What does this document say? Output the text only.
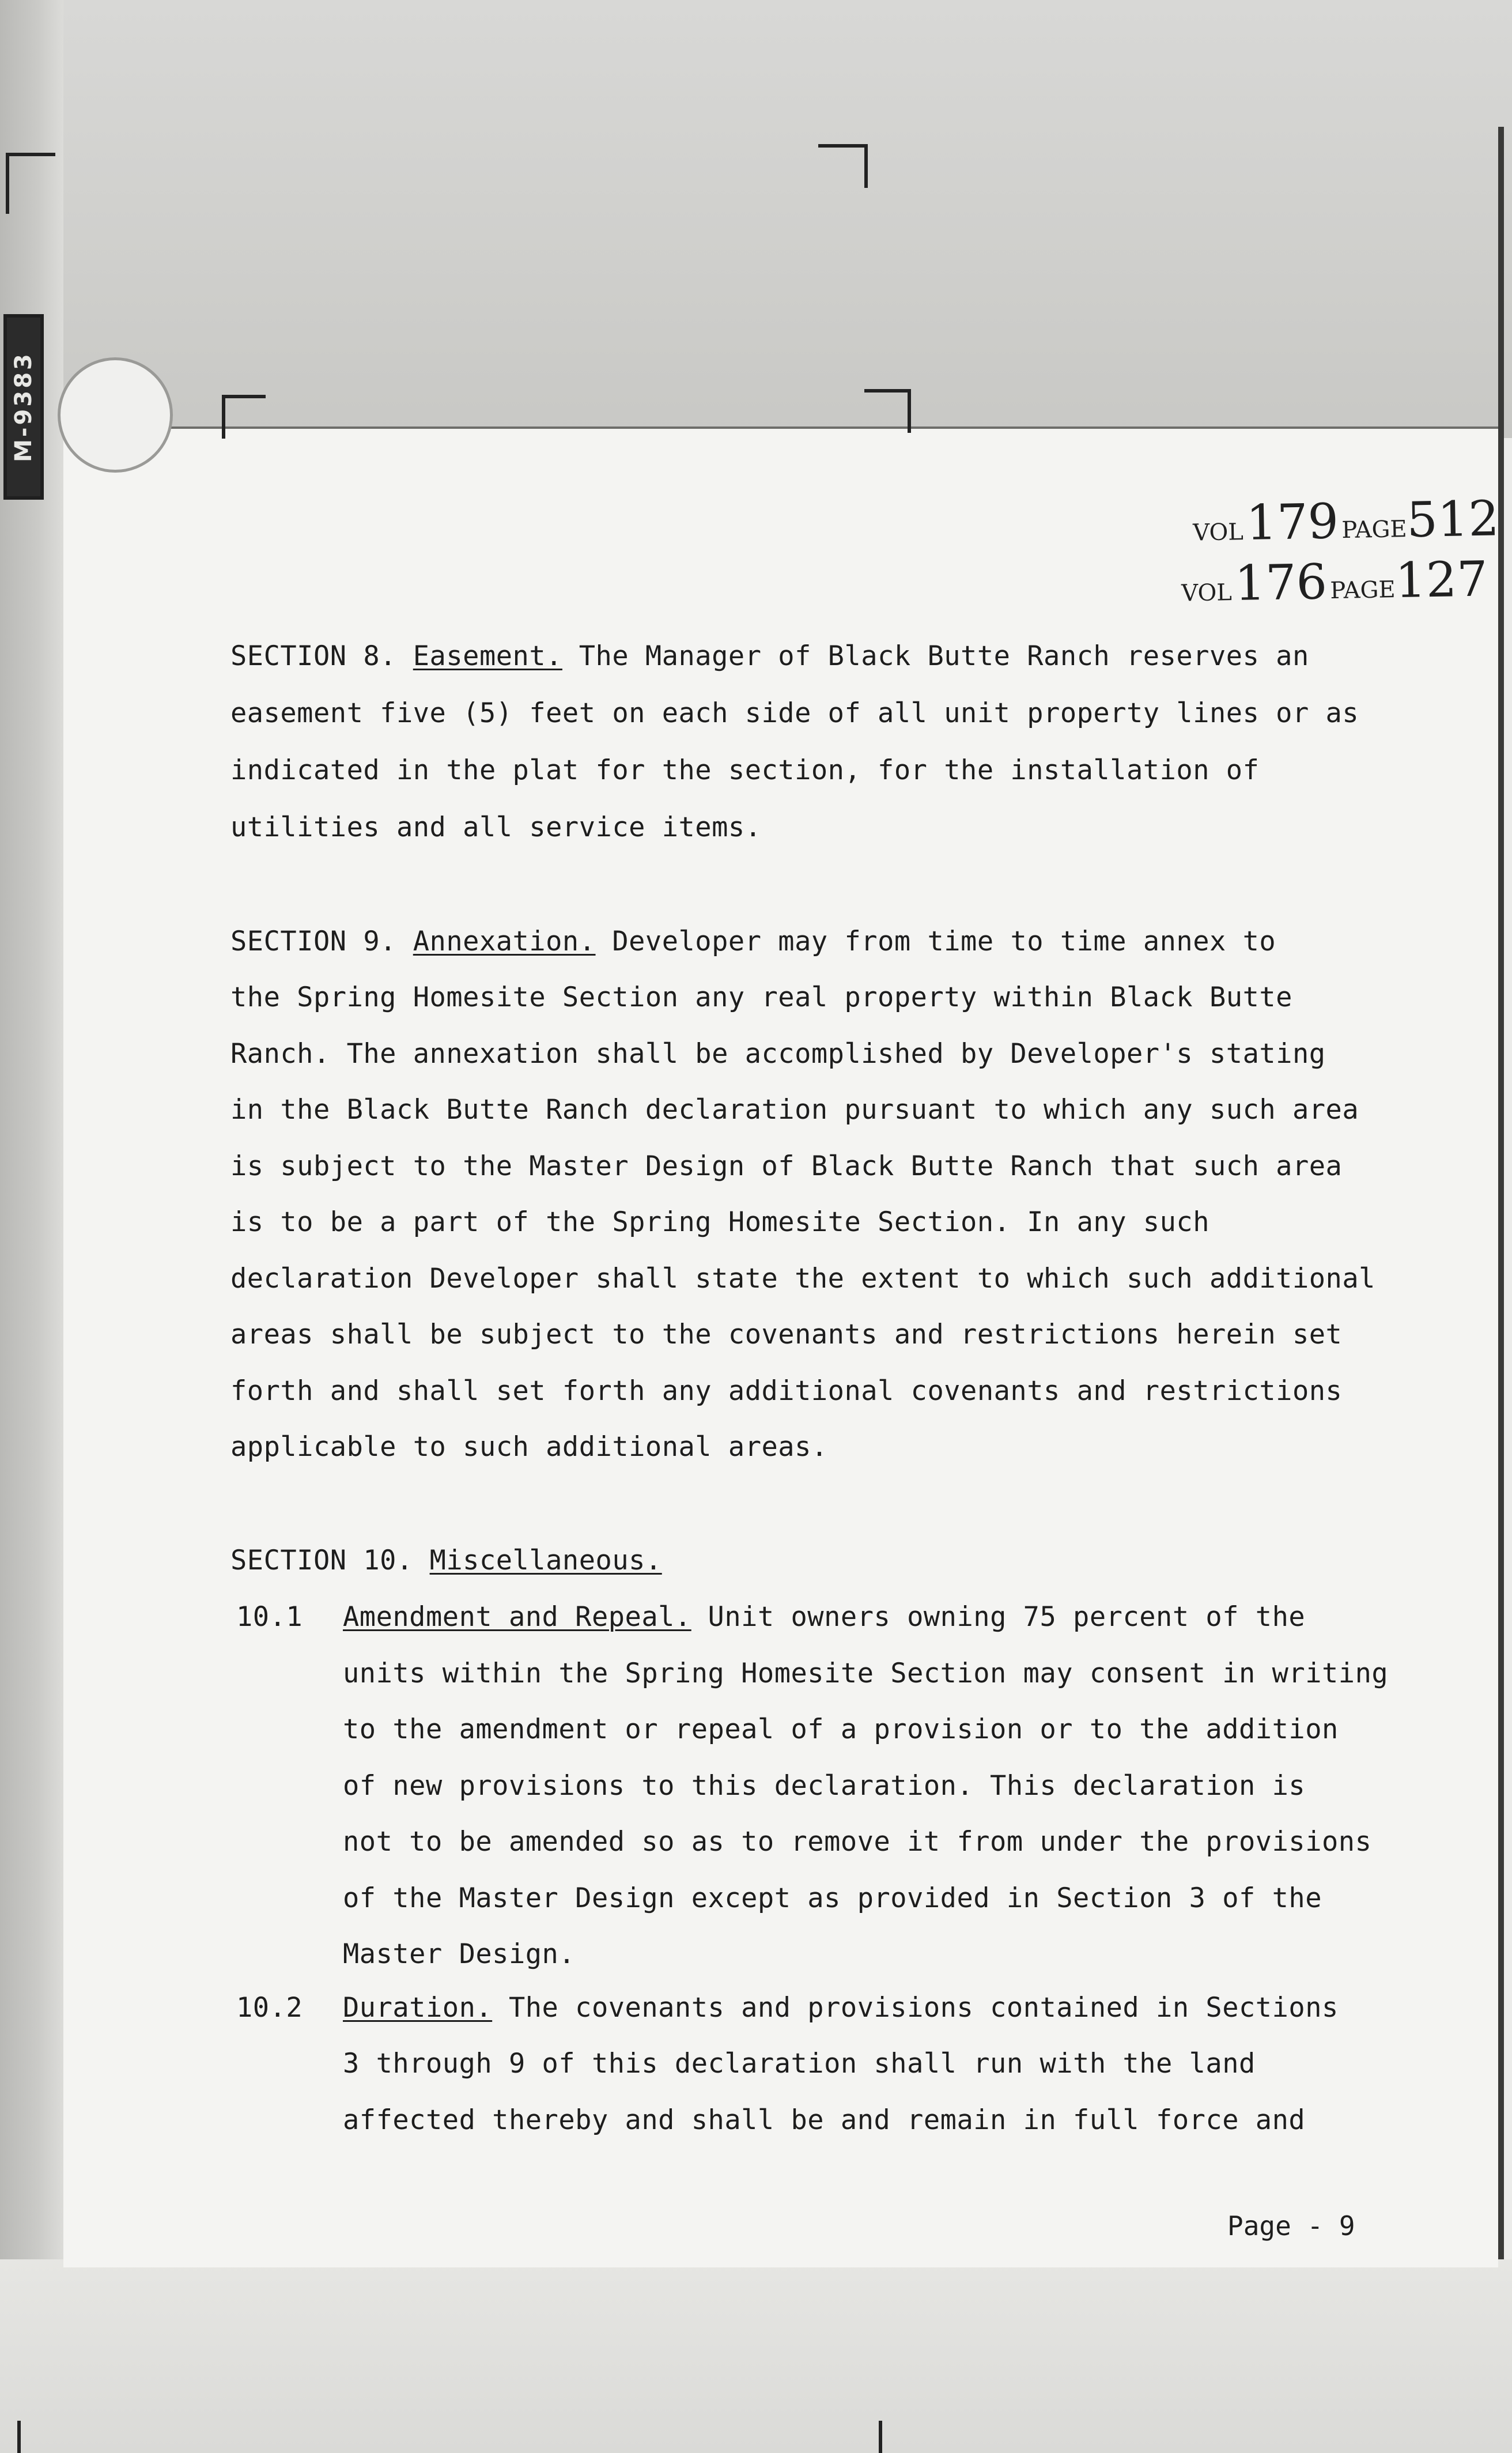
M-9383
VOL 179 PAGE512
VOL 176 PAGE127
SECTION 8. Easement. The Manager of Black Butte Ranch reserves an
easement five (5) feet on each side of all unit property lines or as
indicated in the plat for the section, for the installation of
utilities and all service items.
SECTION 9. Annexation. Developer may from time to time annex to
the Spring Homesite Section any real property within Black Butte
Ranch. The annexation shall be accomplished by Developer's stating
in the Black Butte Ranch declaration pursuant to which any such area
is subject to the Master Design of Black Butte Ranch that such area
is to be a part of the Spring Homesite Section. In any such
declaration Developer shall state the extent to which such additional
areas shall be subject to the covenants and restrictions herein set
forth and shall set forth any additional covenants and restrictions
applicable to such additional areas.
SECTION 10. Miscellaneous.
10.1 Amendment and Repeal. Unit owners owning 75 percent of the
units within the Spring Homesite Section may consent in writing
to the amendment or repeal of a provision or to the addition
of new provisions to this declaration. This declaration is
not to be amended so as to remove it from under the provisions
of the Master Design except as provided in Section 3 of the
Master Design.
10.2 Duration. The covenants and provisions contained in Sections
3 through 9 of this declaration shall run with the land
affected thereby and shall be and remain in full force and
Page - 9
